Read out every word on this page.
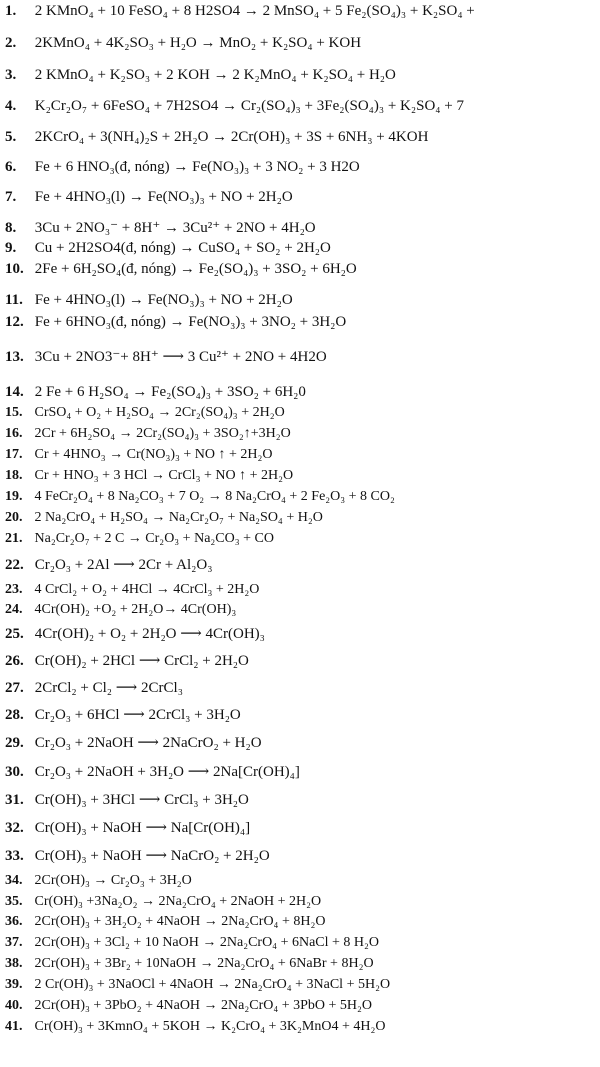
1. 2 KMnO₄ + 10 FeSO₄ + 8 H2SO4 → 2 MnSO₄ + 5 Fe₂(SO₄)₃ + K₂SO₄ +
2. 2KMnO₄ + 4K₂SO₃ + H₂O → MnO₂ + K₂SO₄ + KOH
3. 2 KMnO₄ + K₂SO₃ + 2 KOH → 2 K₂MnO₄ + K₂SO₄ + H₂O
4. K₂Cr₂O₇ + 6FeSO₄ + 7H2SO4 → Cr₂(SO₄)₃ + 3Fe₂(SO₄)₃ + K₂SO₄ + 7
5. 2KCrO₄ + 3(NH₄)₂S + 2H₂O → 2Cr(OH)₃ + 3S + 6NH₃ + 4KOH
6. Fe + 6 HNO₃(đ, nóng) → Fe(NO₃)₃ + 3 NO₂ + 3 H2O
7. Fe + 4HNO₃(l) → Fe(NO₃)₃ + NO + 2H₂O
8. 3Cu + 2NO₃⁻ + 8H⁺ → 3Cu²⁺ + 2NO + 4H₂O
9. Cu + 2H2SO4(đ, nóng) → CuSO₄ + SO₂ + 2H₂O
10. 2Fe + 6H₂SO₄(đ, nóng) → Fe₂(SO₄)₃ + 3SO₂ + 6H₂O
11. Fe + 4HNO₃(l) → Fe(NO₃)₃ + NO + 2H₂O
12. Fe + 6HNO₃(đ, nóng) → Fe(NO₃)₃ + 3NO₂ + 3H₂O
13. 3Cu + 2NO3⁻+ 8H⁺ ⟶ 3 Cu²⁺ + 2NO + 4H2O
14. 2 Fe + 6 H₂SO₄ → Fe₂(SO₄)₃ + 3SO₂ + 6H₂0
15. CrSO₄ + O₂ + H₂SO₄ → 2Cr₂(SO₄)₃ + 2H₂O
16. 2Cr + 6H₂SO₄ → 2Cr₂(SO₄)₃ + 3SO₂↑+3H₂O
17. Cr + 4HNO₃ → Cr(NO₃)₃ + NO ↑ + 2H₂O
18. Cr + HNO₃ + 3 HCl → CrCl₃ + NO ↑ + 2H₂O
19. 4 FeCr₂O₄ + 8 Na₂CO₃ + 7 O₂ → 8 Na₂CrO₄ + 2 Fe₂O₃ + 8 CO₂
20. 2 Na₂CrO₄ + H₂SO₄ → Na₂Cr₂O₇ + Na₂SO₄ + H₂O
21. Na₂Cr₂O₇ + 2 C → Cr₂O₃ + Na₂CO₃ + CO
22. Cr₂O₃ + 2Al ⟶ 2Cr + Al₂O₃
23. 4 CrCl₂ + O₂ + 4HCl → 4CrCl₃ + 2H₂O
24. 4Cr(OH)₂ +O₂ + 2H₂O→ 4Cr(OH)₃
25. 4Cr(OH)₂ + O₂ + 2H₂O ⟶ 4Cr(OH)₃
26. Cr(OH)₂ + 2HCl ⟶ CrCl₂ + 2H₂O
27. 2CrCl₂ + Cl₂ ⟶ 2CrCl₃
28. Cr₂O₃ + 6HCl ⟶ 2CrCl₃ + 3H₂O
29. Cr₂O₃ + 2NaOH ⟶ 2NaCrO₂ + H₂O
30. Cr₂O₃ + 2NaOH + 3H₂O ⟶ 2Na[Cr(OH)₄]
31. Cr(OH)₃ + 3HCl ⟶ CrCl₃ + 3H₂O
32. Cr(OH)₃ + NaOH ⟶ Na[Cr(OH)₄]
33. Cr(OH)₃ + NaOH ⟶ NaCrO₂ + 2H₂O
34. 2Cr(OH)₃ → Cr₂O₃ + 3H₂O
35. Cr(OH)₃ +3Na₂O₂ → 2Na₂CrO₄ + 2NaOH + 2H₂O
36. 2Cr(OH)₃ + 3H₂O₂ + 4NaOH → 2Na₂CrO₄ + 8H₂O
37. 2Cr(OH)₃ + 3Cl₂ + 10 NaOH → 2Na₂CrO₄ + 6NaCl + 8 H₂O
38. 2Cr(OH)₃ + 3Br₂ + 10NaOH → 2Na₂CrO₄ + 6NaBr + 8H₂O
39. 2 Cr(OH)₃ + 3NaOCl + 4NaOH → 2Na₂CrO₄ + 3NaCl + 5H₂O
40. 2Cr(OH)₃ + 3PbO₂ + 4NaOH → 2Na₂CrO₄ + 3PbO + 5H₂O
41. Cr(OH)₃ + 3KmnO₄ + 5KOH → K₂CrO₄ + 3K₂MnO4 + 4H₂O
